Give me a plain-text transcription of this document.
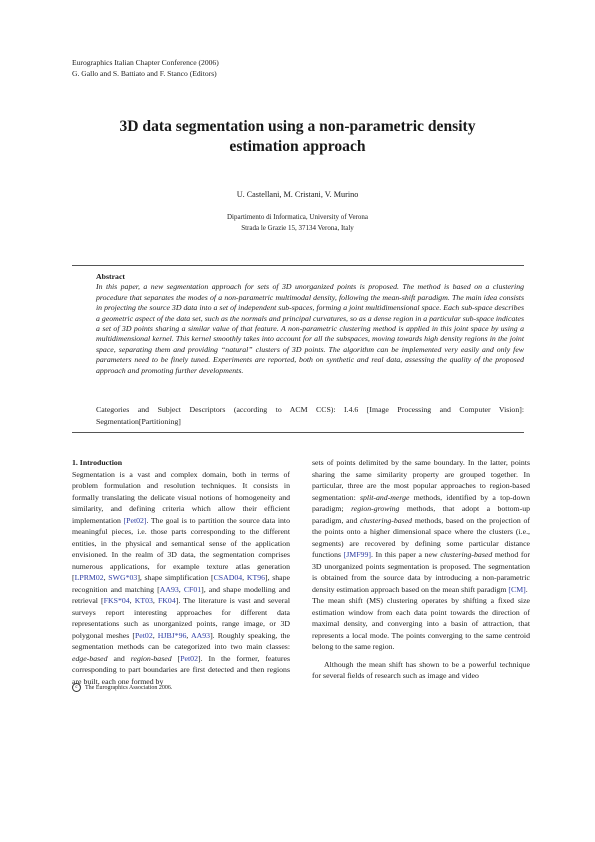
Eurographics Italian Chapter Conference (2006)
G. Gallo and S. Battiato and F. Stanco (Editors)
3D data segmentation using a non-parametric density
estimation approach
U. Castellani, M. Cristani, V. Murino
Dipartimento di Informatica, University of Verona
Strada le Grazie 15, 37134 Verona, Italy
Abstract
In this paper, a new segmentation approach for sets of 3D unorganized points is proposed. The method is based on a clustering procedure that separates the modes of a non-parametric multimodal density, following the mean-shift paradigm. The main idea consists in projecting the source 3D data into a set of independent sub-spaces, forming a joint multidimensional space. Each sub-space describes a geometric aspect of the data set, such as the normals and principal curvatures, so as a dense region in a particular sub-space indicates a set of 3D points sharing a similar value of that feature. A non-parametric clustering method is applied in this joint space by using a multidimensional kernel. This kernel smoothly takes into account for all the subspaces, moving towards high density regions in the joint space, separating them and providing “natural” clusters of 3D points. The algorithm can be implemented very easily and only few parameters need to be finely tuned. Experiments are reported, both on synthetic and real data, assessing the quality of the proposed approach and promoting further developments.
Categories and Subject Descriptors (according to ACM CCS): I.4.6 [Image Processing and Computer Vision]: Segmentation[Partitioning]

1. Introduction

Segmentation is a vast and complex domain, both in terms of problem formulation and resolution techniques. It consists in formally translating the delicate visual notions of homogeneity and similarity, and defining criteria which allow their efficient implementation [Pet02]. The goal is to partition the source data into meaningful pieces, i.e. those parts corresponding to the different entities, in the physical and semantical sense of the application envisioned. In the realm of 3D data, the segmentation comprises numerous applications, for example texture atlas generation [LPRM02, SWG*03], shape simplification [CSAD04, KT96], shape recognition and matching [AA93, CF01], and shape modelling and retrieval [FKS*04, KT03, FK04]. The literature is vast and several surveys report interesting approaches for different data representations such as unorganized points, range image, or 3D polygonal meshes [Pet02, HJBJ*96, AA93]. Roughly speaking, the segmentation methods can be categorized into two main classes: edge-based and region-based [Pet02]. In the former, features corresponding to part boundaries are first detected and then regions are built, each one formed by

sets of points delimited by the same boundary. In the latter, points sharing the same similarity property are grouped together. In particular, three are the most popular approaches to region-based segmentation: split-and-merge methods, identified by a top-down paradigm; region-growing methods, that adopt a bottom-up paradigm, and clustering-based methods, based on the projection of the points onto a higher dimensional space where the clusters (i.e., segments) are recovered by defining some particular distance functions [JMF99]. In this paper a new clustering-based method for 3D unorganized points segmentation is proposed. The segmentation is obtained from the source data by introducing a non-parametric density estimation approach based on the mean shift paradigm [CM].

The mean shift (MS) clustering operates by shifting a fixed size estimation window from each data point towards the direction of maximal density, and converging into a basin of attraction, that represents a local mode. The points converging to the same centroid belong to the same region.

Although the mean shift has shown to be a powerful technique for several fields of research such as image and video

c	The Eurographics Association 2006.
